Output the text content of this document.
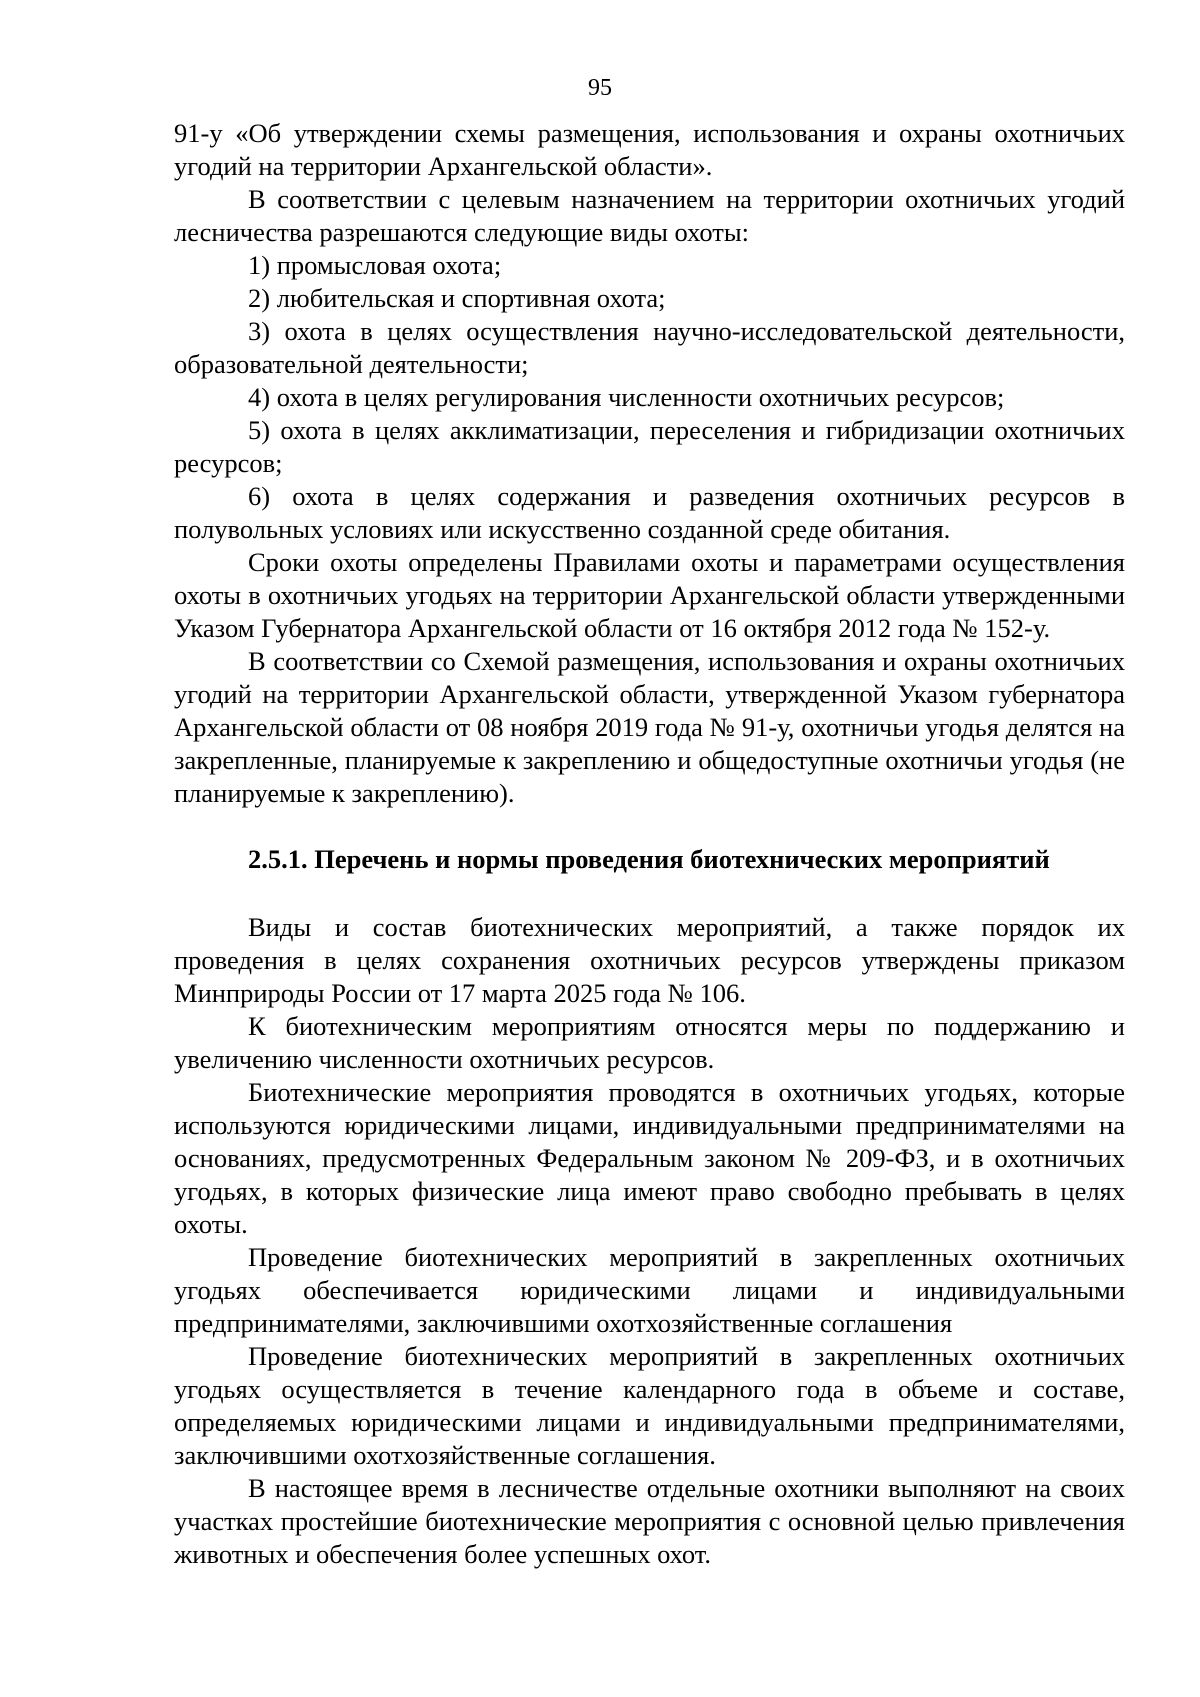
95

91-у «Об утверждении схемы размещения, использования и охраны охотничьих угодий на территории Архангельской области».

В соответствии с целевым назначением на территории охотничьих угодий лесничества разрешаются следующие виды охоты:

1) промысловая охота;

2) любительская и спортивная охота;

3) охота в целях осуществления научно-исследовательской деятельности, образовательной деятельности;

4) охота в целях регулирования численности охотничьих ресурсов;

5) охота в целях акклиматизации, переселения и гибридизации охотничьих ресурсов;

6) охота в целях содержания и разведения охотничьих ресурсов в полувольных условиях или искусственно созданной среде обитания.

Сроки охоты определены Правилами охоты и параметрами осуществления охоты в охотничьих угодьях на территории Архангельской области утвержденными Указом Губернатора Архангельской области от 16 октября 2012 года № 152-у.

В соответствии со Схемой размещения, использования и охраны охотничьих угодий на территории Архангельской области, утвержденной Указом губернатора Архангельской области от 08 ноября 2019 года № 91-у, охотничьи угодья делятся на закрепленные, планируемые к закреплению и общедоступные охотничьи угодья (не планируемые к закреплению).

2.5.1. Перечень и нормы проведения биотехнических мероприятий

Виды и состав биотехнических мероприятий, а также порядок их проведения в целях сохранения охотничьих ресурсов утверждены приказом Минприроды России от 17 марта 2025 года № 106.

К биотехническим мероприятиям относятся меры по поддержанию и увеличению численности охотничьих ресурсов.

Биотехнические мероприятия проводятся в охотничьих угодьях, которые используются юридическими лицами, индивидуальными предпринимателями на основаниях, предусмотренных Федеральным законом № 209-ФЗ, и в охотничьих угодьях, в которых физические лица имеют право свободно пребывать в целях охоты.

Проведение биотехнических мероприятий в закрепленных охотничьих угодьях обеспечивается юридическими лицами и индивидуальными предпринимателями, заключившими охотхозяйственные соглашения

Проведение биотехнических мероприятий в закрепленных охотничьих угодьях осуществляется в течение календарного года в объеме и составе, определяемых юридическими лицами и индивидуальными предпринимателями, заключившими охотхозяйственные соглашения.

В настоящее время в лесничестве отдельные охотники выполняют на своих участках простейшие биотехнические мероприятия с основной целью привлечения животных и обеспечения более успешных охот.
